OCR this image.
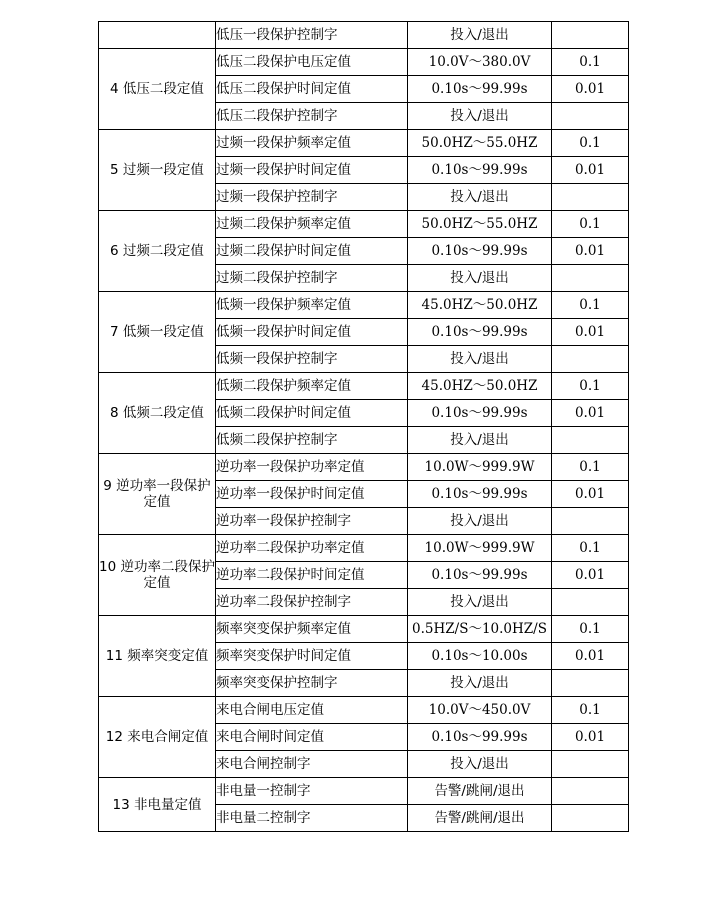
	低压一段保护控制字	投入/退出	
4 低压二段定值	低压二段保护电压定值	10.0V～380.0V	0.1
	低压二段保护时间定值	0.10s～99.99s	0.01
	低压二段保护控制字	投入/退出	
5 过频一段定值	过频一段保护频率定值	50.0HZ～55.0HZ	0.1
	过频一段保护时间定值	0.10s～99.99s	0.01
	过频一段保护控制字	投入/退出	
6 过频二段定值	过频二段保护频率定值	50.0HZ～55.0HZ	0.1
	过频二段保护时间定值	0.10s～99.99s	0.01
	过频二段保护控制字	投入/退出	
7 低频一段定值	低频一段保护频率定值	45.0HZ～50.0HZ	0.1
	低频一段保护时间定值	0.10s～99.99s	0.01
	低频一段保护控制字	投入/退出	
8 低频二段定值	低频二段保护频率定值	45.0HZ～50.0HZ	0.1
	低频二段保护时间定值	0.10s～99.99s	0.01
	低频二段保护控制字	投入/退出	
9 逆功率一段保护定值	逆功率一段保护功率定值	10.0W～999.9W	0.1
	逆功率一段保护时间定值	0.10s～99.99s	0.01
	逆功率一段保护控制字	投入/退出	
10 逆功率二段保护定值	逆功率二段保护功率定值	10.0W～999.9W	0.1
	逆功率二段保护时间定值	0.10s～99.99s	0.01
	逆功率二段保护控制字	投入/退出	
11 频率突变定值	频率突变保护频率定值	0.5HZ/S～10.0HZ/S	0.1
	频率突变保护时间定值	0.10s～10.00s	0.01
	频率突变保护控制字	投入/退出	
12 来电合闸定值	来电合闸电压定值	10.0V～450.0V	0.1
	来电合闸时间定值	0.10s～99.99s	0.01
	来电合闸控制字	投入/退出	
13 非电量定值	非电量一控制字	告警/跳闸/退出	
	非电量二控制字	告警/跳闸/退出	
